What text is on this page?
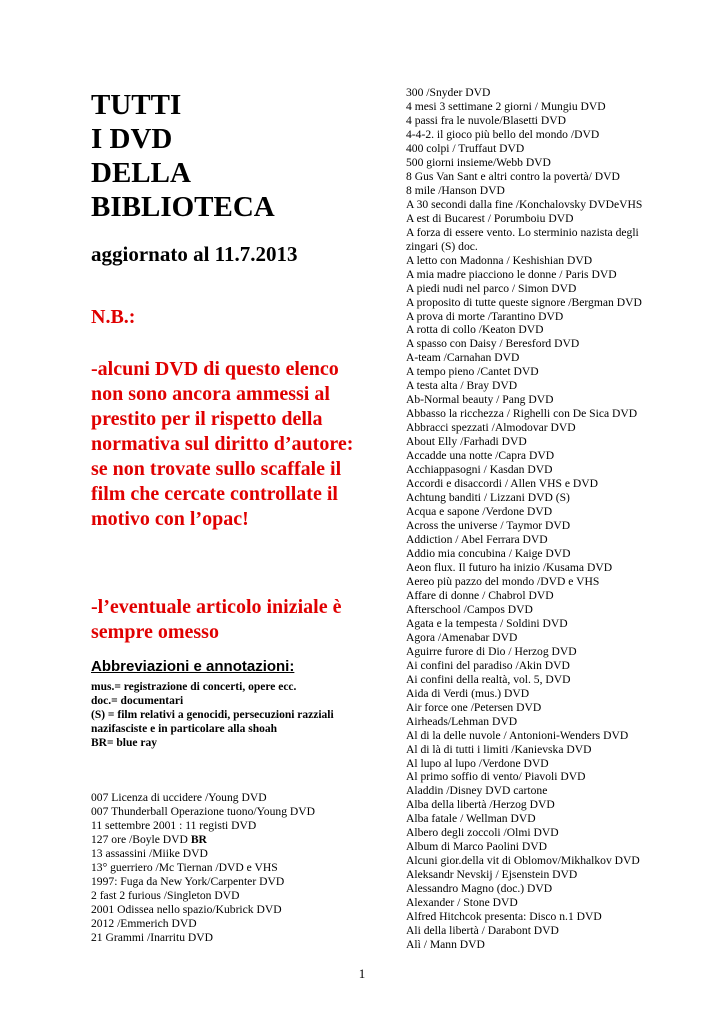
TUTTI
I DVD
DELLA
BIBLIOTECA
aggiornato al 11.7.2013
N.B.:
-alcuni DVD di questo elenco non sono ancora ammessi al prestito per il rispetto della normativa sul diritto d’autore: se non trovate sullo scaffale il film che cercate controllate il motivo con l’opac!
-l’eventuale articolo iniziale è sempre omesso
Abbreviazioni e annotazioni:
mus.= registrazione di concerti, opere ecc.
doc.= documentari
(S) = film relativi a genocidi, persecuzioni razziali nazifasciste e in particolare alla shoah
BR= blue ray
007 Licenza di uccidere /Young DVD
007 Thunderball Operazione tuono/Young DVD
11 settembre 2001 : 11 registi DVD
127 ore /Boyle DVD BR
13 assassini /Miike DVD
13° guerriero /Mc Tiernan /DVD e VHS
1997: Fuga da New York/Carpenter DVD
2 fast 2 furious /Singleton DVD
2001 Odissea nello spazio/Kubrick DVD
2012 /Emmerich DVD
21 Grammi /Inarritu DVD
300 /Snyder DVD
4 mesi 3 settimane 2 giorni / Mungiu DVD
4 passi fra le nuvole/Blasetti DVD
4-4-2. il gioco più bello del mondo /DVD
400 colpi / Truffaut DVD
500 giorni insieme/Webb DVD
8 Gus Van Sant e altri contro la povertà/ DVD
8 mile /Hanson DVD
A 30 secondi dalla fine /Konchalovsky DVDeVHS
A est di Bucarest / Porumboiu DVD
A forza di essere vento. Lo sterminio nazista degli zingari (S) doc.
A letto con Madonna / Keshishian DVD
A mia madre piacciono le donne / Paris DVD
A piedi nudi nel parco / Simon DVD
A proposito di tutte queste signore /Bergman DVD
A prova di morte /Tarantino DVD
A rotta di collo /Keaton DVD
A spasso con Daisy / Beresford DVD
A-team /Carnahan DVD
A tempo pieno /Cantet DVD
A testa alta / Bray DVD
Ab-Normal beauty / Pang DVD
Abbasso la ricchezza / Righelli con De Sica DVD
Abbracci spezzati /Almodovar DVD
About Elly /Farhadi DVD
Accadde una notte /Capra DVD
Acchiappasogni / Kasdan DVD
Accordi e disaccordi / Allen VHS e DVD
Achtung banditi / Lizzani DVD (S)
Acqua e sapone /Verdone DVD
Across the universe / Taymor DVD
Addiction / Abel Ferrara DVD
Addio mia concubina / Kaige DVD
Aeon flux. Il futuro ha inizio /Kusama DVD
Aereo più pazzo del mondo /DVD e VHS
Affare di donne / Chabrol DVD
Afterschool /Campos DVD
Agata e la tempesta / Soldini DVD
Agora /Amenabar DVD
Aguirre furore di Dio / Herzog DVD
Ai confini del paradiso /Akin DVD
Ai confini della realtà, vol. 5, DVD
Aida di Verdi (mus.) DVD
Air force one /Petersen DVD
Airheads/Lehman DVD
Al di la delle nuvole / Antonioni-Wenders DVD
Al di là di tutti i limiti /Kanievska DVD
Al lupo al lupo /Verdone DVD
Al primo soffio di vento/ Piavoli DVD
Aladdin /Disney DVD cartone
Alba della libertà /Herzog DVD
Alba fatale / Wellman DVD
Albero degli zoccoli /Olmi DVD
Album di Marco Paolini DVD
Alcuni gior.della vit di Oblomov/Mikhalkov DVD
Aleksandr Nevskij / Ejsenstein DVD
Alessandro Magno (doc.) DVD
Alexander / Stone DVD
Alfred Hitchcok presenta: Disco n.1 DVD
Ali della libertà / Darabont DVD
Alì / Mann DVD
1
